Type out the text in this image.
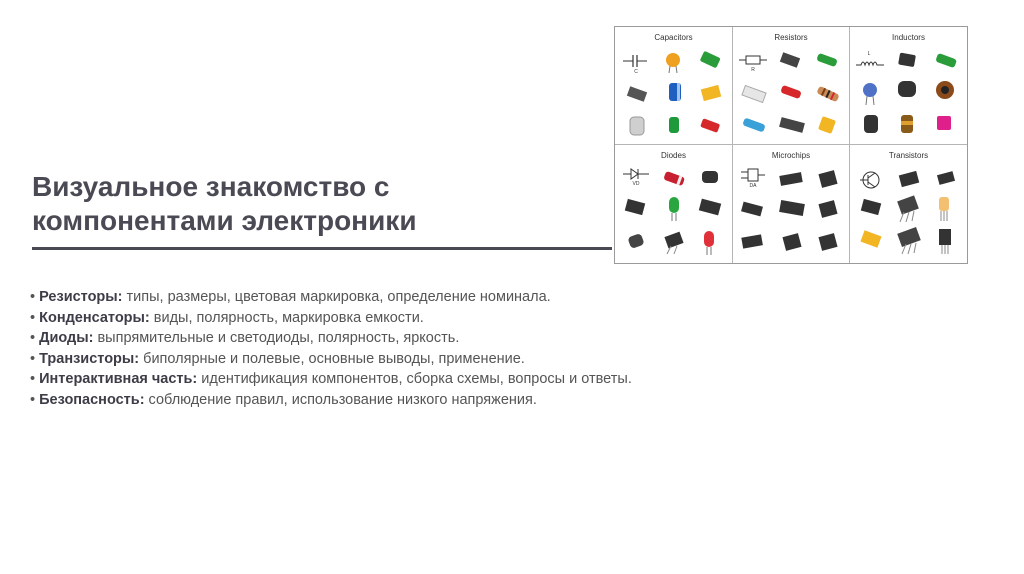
Визуальное знакомство с компонентами электроники
• Резисторы: типы, размеры, цветовая маркировка, определение номинала.
• Конденсаторы: виды, полярность, маркировка емкости.
• Диоды: выпрямительные и светодиоды, полярность, яркость.
• Транзисторы: биполярные и полевые, основные выводы, применение.
• Интерактивная часть: идентификация компонентов, сборка схемы, вопросы и ответы.
• Безопасность: соблюдение правил, использование низкого напряжения.
Capacitors
C
Resistors
R
Inductors
L
Diodes
VD
Microchips
DA
Transistors
